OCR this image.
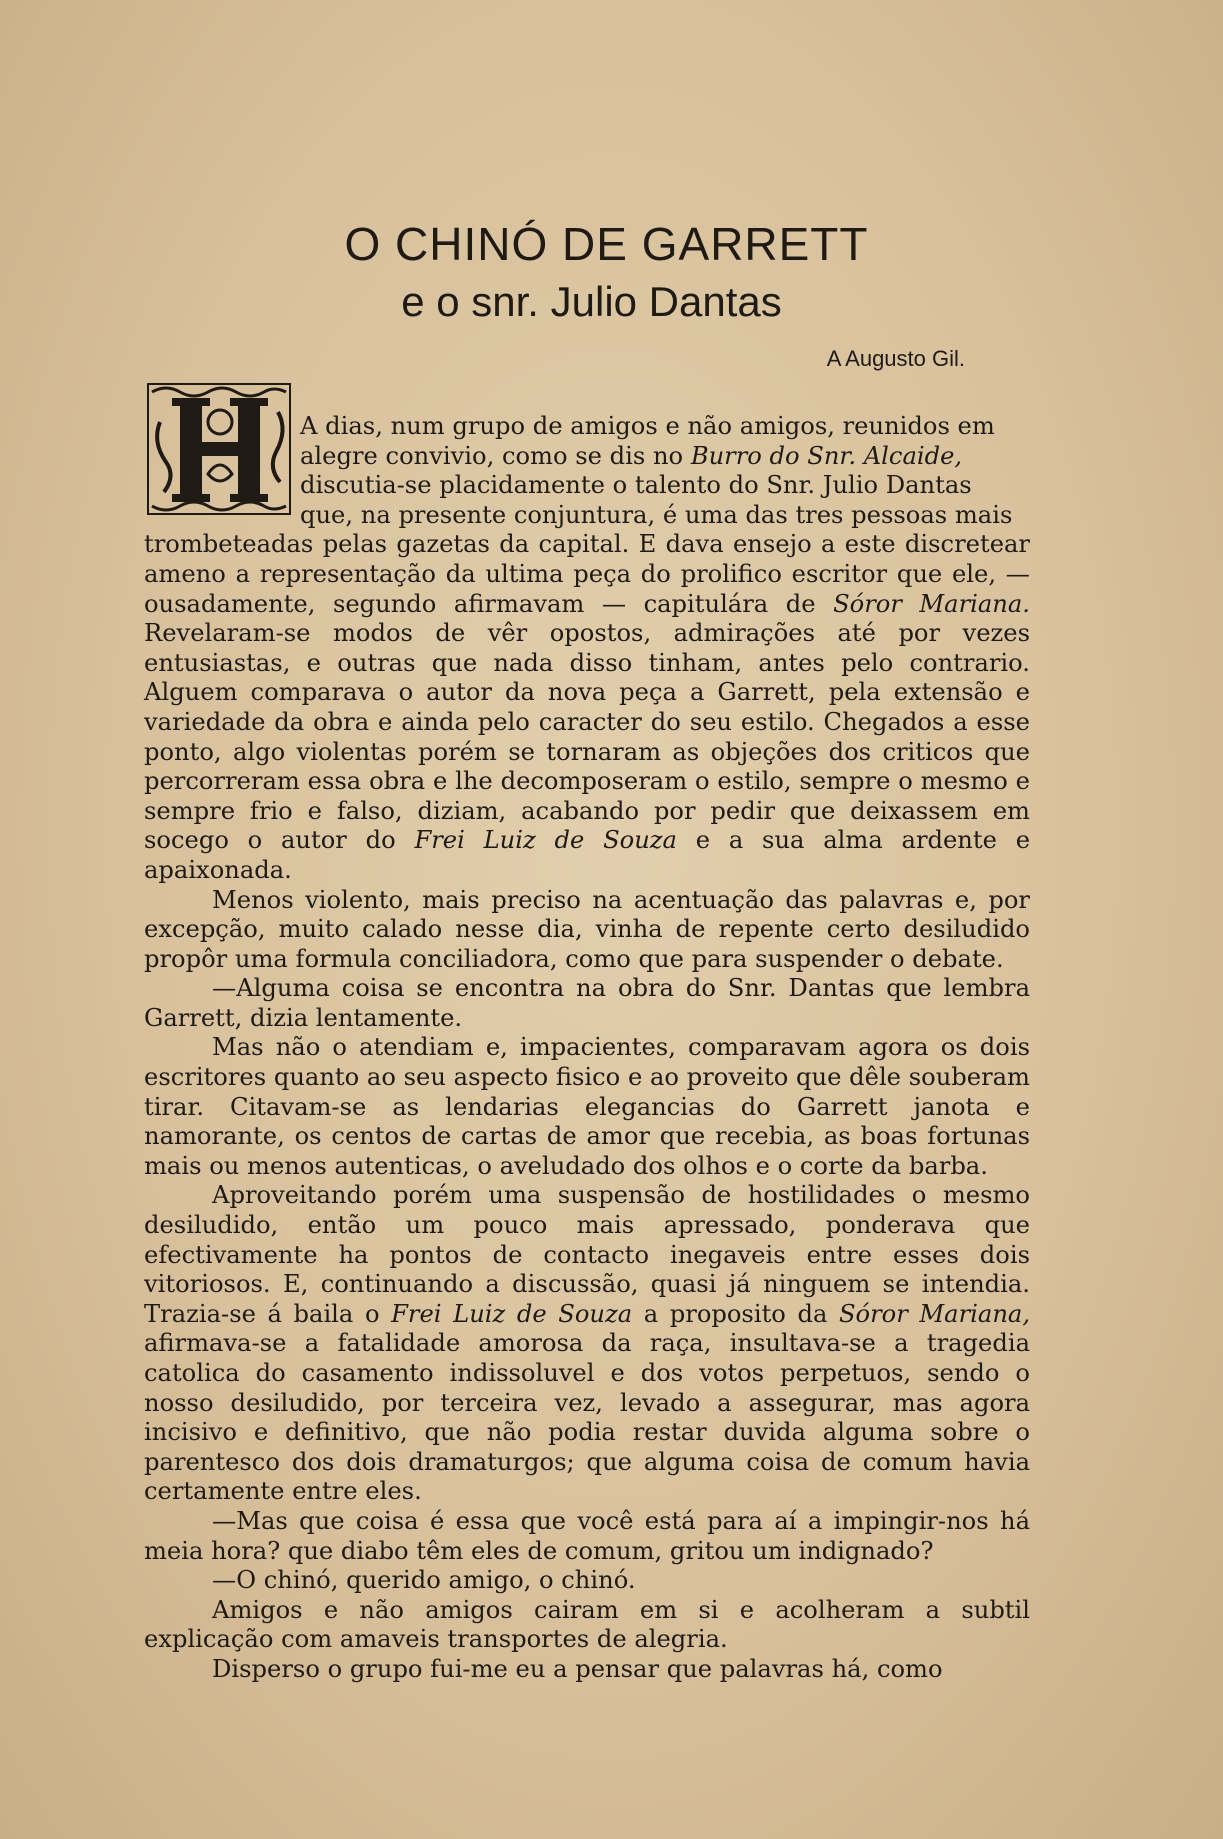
O CHINÓ DE GARRETT
e o snr. Julio Dantas
A Augusto Gil.

A dias, num grupo de amigos e não amigos, reunidos em
alegre convivio, como se dis no Burro do Snr. Alcaide,
discutia-se placidamente o talento do Snr. Julio Dantas
que, na presente conjuntura, é uma das tres pessoas mais

trombeteadas pelas gazetas da capital. E dava ensejo a este discretear ameno a representação da ultima peça do prolifico escritor que ele, — ousadamente, segundo afirmavam — capitulára de Sóror Mariana. Revelaram-se modos de vêr opostos, admirações até por vezes entusiastas, e outras que nada disso tinham, antes pelo contrario. Alguem comparava o autor da nova peça a Garrett, pela extensão e variedade da obra e ainda pelo caracter do seu estilo. Chegados a esse ponto, algo violentas porém se tornaram as objeções dos criticos que percorreram essa obra e lhe decomposeram o estilo, sempre o mesmo e sempre frio e falso, diziam, acabando por pedir que deixassem em socego o autor do Frei Luiz de Souza e a sua alma ardente e apaixonada.

Menos violento, mais preciso na acentuação das palavras e, por excepção, muito calado nesse dia, vinha de repente certo desiludido propôr uma formula conciliadora, como que para suspender o debate.

—Alguma coisa se encontra na obra do Snr. Dantas que lembra Garrett, dizia lentamente.

Mas não o atendiam e, impacientes, comparavam agora os dois escritores quanto ao seu aspecto fisico e ao proveito que dêle souberam tirar. Citavam-se as lendarias elegancias do Garrett janota e namorante, os centos de cartas de amor que recebia, as boas fortunas mais ou menos autenticas, o aveludado dos olhos e o corte da barba.

Aproveitando porém uma suspensão de hostilidades o mesmo desiludido, então um pouco mais apressado, ponderava que efectivamente ha pontos de contacto inegaveis entre esses dois vitoriosos. E, continuando a discussão, quasi já ninguem se intendia. Trazia-se á baila o Frei Luiz de Souza a proposito da Sóror Mariana, afirmava-se a fatalidade amorosa da raça, insultava-se a tragedia catolica do casamento indissoluvel e dos votos perpetuos, sendo o nosso desiludido, por terceira vez, levado a assegurar, mas agora incisivo e definitivo, que não podia restar duvida alguma sobre o parentesco dos dois dramaturgos; que alguma coisa de comum havia certamente entre eles.

—Mas que coisa é essa que você está para aí a impingir-nos há meia hora? que diabo têm eles de comum, gritou um indignado?

—O chinó, querido amigo, o chinó.

Amigos e não amigos cairam em si e acolheram a subtil explicação com amaveis transportes de alegria.

Disperso o grupo fui-me eu a pensar que palavras há, como
